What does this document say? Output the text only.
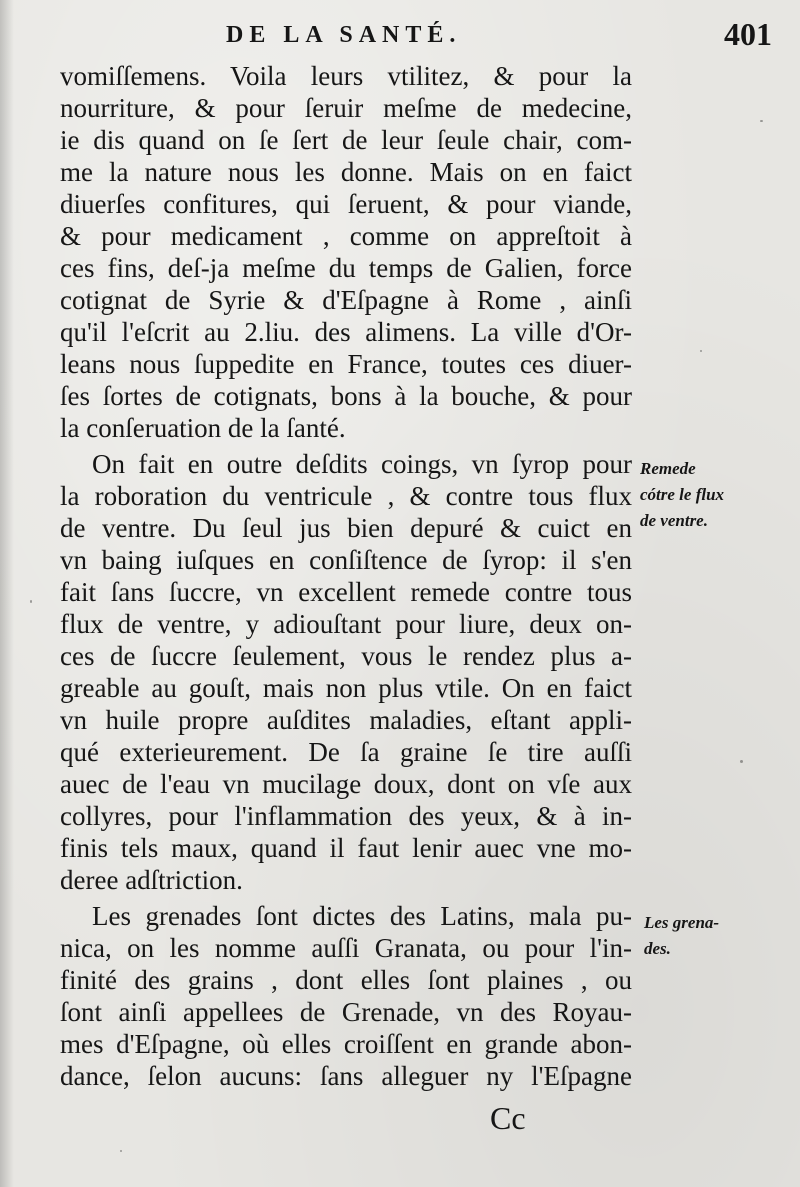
DE LA SANTÉ.	401
vomiſſemens. Voila leurs vtilitez, & pour la
nourriture, & pour ſeruir meſme de medecine,
ie dis quand on ſe ſert de leur ſeule chair, com-
me la nature nous les donne. Mais on en faict
diuerſes confitures, qui ſeruent, & pour viande,
& pour medicament , comme on appreſtoit à
ces fins, deſ-ja meſme du temps de Galien, force
cotignat de Syrie & d'Eſpagne à Rome , ainſi
qu'il l'eſcrit au 2.liu. des alimens. La ville d'Or-
leans nous ſuppedite en France, toutes ces diuer-
ſes ſortes de cotignats, bons à la bouche, & pour
la conſeruation de la ſanté.
On fait en outre deſdits coings, vn ſyrop pour
la roboration du ventricule , & contre tous flux
de ventre. Du ſeul jus bien depuré & cuict en
vn baing iuſques en conſiſtence de ſyrop: il s'en
fait ſans ſuccre, vn excellent remede contre tous
flux de ventre, y adiouſtant pour liure, deux on-
ces de ſuccre ſeulement, vous le rendez plus a-
greable au gouſt, mais non plus vtile. On en faict
vn huile propre auſdites maladies, eſtant appli-
qué exterieurement. De ſa graine ſe tire auſſi
auec de l'eau vn mucilage doux, dont on vſe aux
collyres, pour l'inflammation des yeux, & à in-
finis tels maux, quand il faut lenir auec vne mo-
deree adſtriction.
Les grenades ſont dictes des Latins, mala pu-
nica, on les nomme auſſi Granata, ou pour l'in-
finité des grains , dont elles ſont plaines , ou
ſont ainſi appellees de Grenade, vn des Royau-
mes d'Eſpagne, où elles croiſſent en grande abon-
dance, ſelon aucuns: ſans alleguer ny l'Eſpagne
Remede
cótre le flux
de ventre.
Les grena-
des.
Cc
